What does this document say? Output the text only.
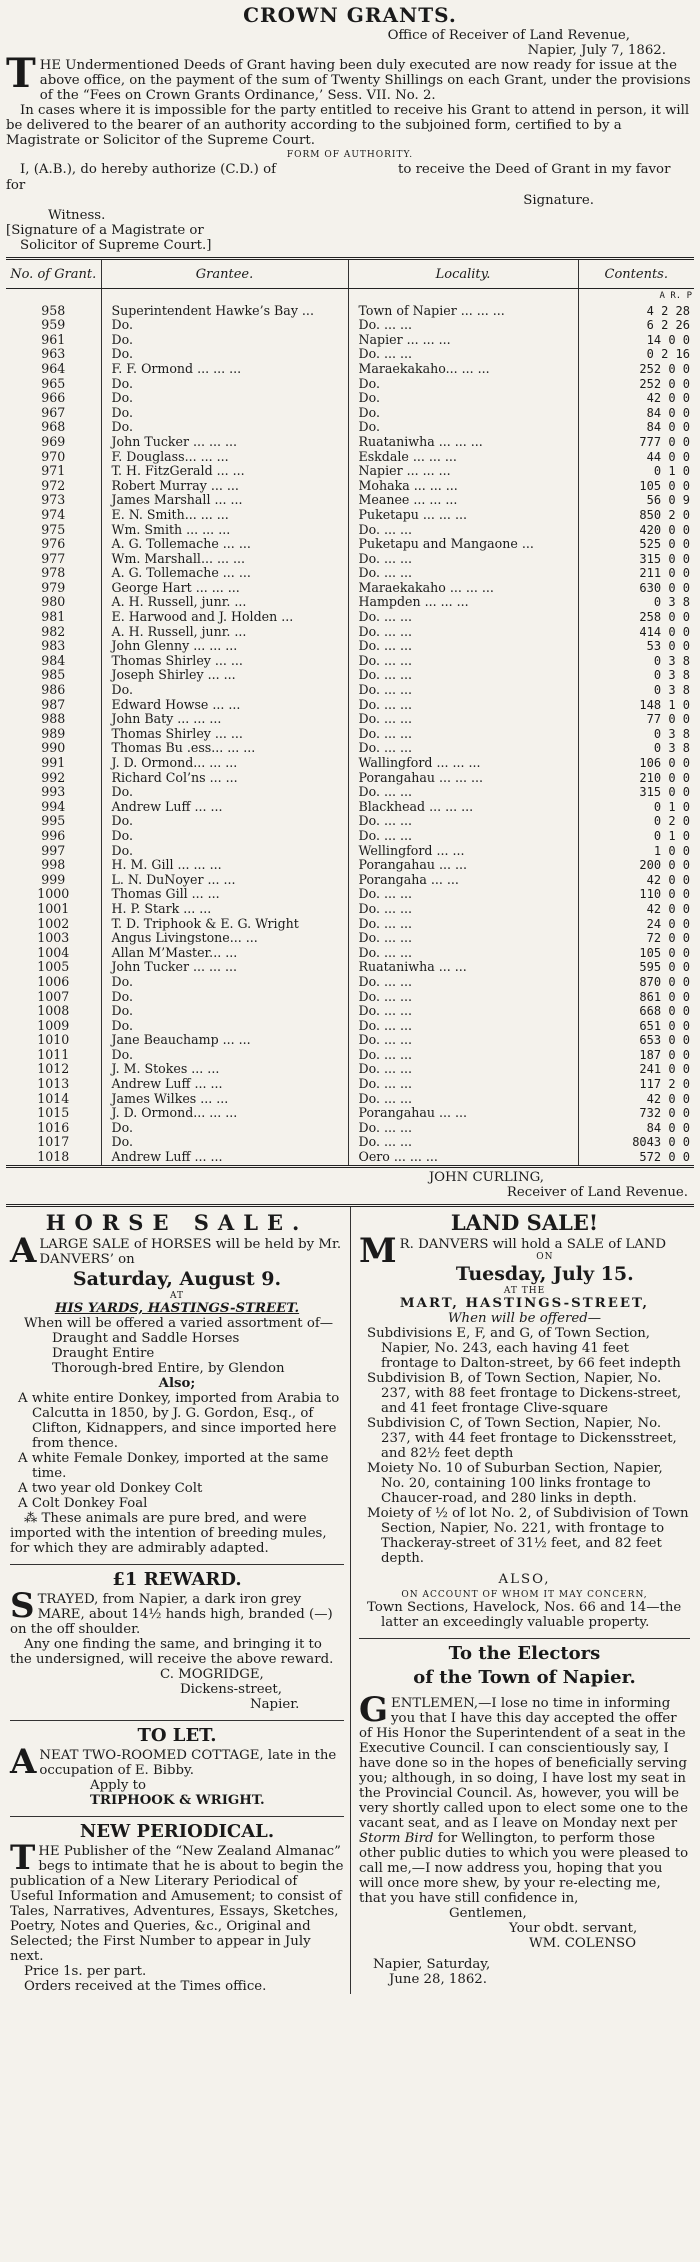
CROWN GRANTS.
Office of Receiver of Land Revenue,
Napier, July 7, 1862.
THE Undermentioned Deeds of Grant having been duly executed are now ready for issue at the above office, on the payment of the sum of Twenty Shillings on each Grant, under the provisions of the “Fees on Crown Grants Ordinance,’ Sess. VII. No. 2.
In cases where it is impossible for the party entitled to receive his Grant to attend in person, it will be delivered to the bearer of an authority according to the subjoined form, certified to by a Magistrate or Solicitor of the Supreme Court.
FORM OF AUTHORITY.
I, (A.B.), do hereby authorize (C.D.) of	to receive the Deed of Grant in my favor
for
Signature.
Witness.
[Signature of a Magistrate or
Solicitor of Supreme Court.]
No. of Grant.	Grantee.	Locality.	Contents.
			A R. P
958	Superintendent Hawke’s Bay ...	Town of Napier ... ... ...	4 2 28
959	Do.	Do. ... ...	6 2 26
961	Do.	Napier ... ... ...	14 0 0
963	Do.	Do. ... ...	0 2 16
964	F. F. Ormond ... ... ...	Maraekakaho... ... ...	252 0 0
965	Do.	Do.	252 0 0
966	Do.	Do.	42 0 0
967	Do.	Do.	84 0 0
968	Do.	Do.	84 0 0
969	John Tucker ... ... ...	Ruataniwha ... ... ...	777 0 0
970	F. Douglass... ... ...	Eskdale ... ... ...	44 0 0
971	T. H. FitzGerald ... ...	Napier ... ... ...	0 1 0
972	Robert Murray ... ...	Mohaka ... ... ...	105 0 0
973	James Marshall ... ...	Meanee ... ... ...	56 0 9
974	E. N. Smith... ... ...	Puketapu ... ... ...	850 2 0
975	Wm. Smith ... ... ...	Do. ... ...	420 0 0
976	A. G. Tollemache ... ...	Puketapu and Mangaone ...	525 0 0
977	Wm. Marshall... ... ...	Do. ... ...	315 0 0
978	A. G. Tollemache ... ...	Do. ... ...	211 0 0
979	George Hart ... ... ...	Maraekakaho ... ... ...	630 0 0
980	A. H. Russell, junr. ...	Hampden ... ... ...	0 3 8
981	E. Harwood and J. Holden ...	Do. ... ...	258 0 0
982	A. H. Russell, junr. ...	Do. ... ...	414 0 0
983	John Glenny ... ... ...	Do. ... ...	53 0 0
984	Thomas Shirley ... ...	Do. ... ...	0 3 8
985	Joseph Shirley ... ...	Do. ... ...	0 3 8
986	Do.	Do. ... ...	0 3 8
987	Edward Howse ... ...	Do. ... ...	148 1 0
988	John Baty ... ... ...	Do. ... ...	77 0 0
989	Thomas Shirley ... ...	Do. ... ...	0 3 8
990	Thomas Bu .ess... ... ...	Do. ... ...	0 3 8
991	J. D. Ormond... ... ...	Wallingford ... ... ...	106 0 0
992	Richard Col’ns ... ...	Porangahau ... ... ...	210 0 0
993	Do.	Do. ... ...	315 0 0
994	Andrew Luff ... ...	Blackhead ... ... ...	0 1 0
995	Do.	Do. ... ...	0 2 0
996	Do.	Do. ... ...	0 1 0
997	Do.	Wellingford ... ...	1 0 0
998	H. M. Gill ... ... ...	Porangahau ... ...	200 0 0
999	L. N. DuNoyer ... ...	Porangaha ... ...	42 0 0
1000	Thomas Gill ... ...	Do. ... ...	110 0 0
1001	H. P. Stark ... ...	Do. ... ...	42 0 0
1002	T. D. Triphook & E. G. Wright	Do. ... ...	24 0 0
1003	Angus Livingstone... ...	Do. ... ...	72 0 0
1004	Allan M’Master... ...	Do. ... ...	105 0 0
1005	John Tucker ... ... ...	Ruataniwha ... ...	595 0 0
1006	Do.	Do. ... ...	870 0 0
1007	Do.	Do. ... ...	861 0 0
1008	Do.	Do. ... ...	668 0 0
1009	Do.	Do. ... ...	651 0 0
1010	Jane Beauchamp ... ...	Do. ... ...	653 0 0
1011	Do.	Do. ... ...	187 0 0
1012	J. M. Stokes ... ...	Do. ... ...	241 0 0
1013	Andrew Luff ... ...	Do. ... ...	117 2 0
1014	James Wilkes ... ...	Do. ... ...	42 0 0
1015	J. D. Ormond... ... ...	Porangahau ... ...	732 0 0
1016	Do.	Do. ... ...	84 0 0
1017	Do.	Do. ... ...	8043 0 0
1018	Andrew Luff ... ...	Oero ... ... ...	572 0 0
JOHN CURLING,
Receiver of Land Revenue.
HORSE SALE.
ALARGE SALE of HORSES will be held by Mr. DANVERS’ on
Saturday, August 9.
AT
HIS YARDS, HASTINGS-STREET.
When will be offered a varied assortment of—
Draught and Saddle Horses
Draught Entire
Thorough-bred Entire, by Glendon
Also;
A white entire Donkey, imported from Arabia to Calcutta in 1850, by J. G. Gordon, Esq., of Clifton, Kidnappers, and since imported here from thence.
A white Female Donkey, imported at the same time.
A two year old Donkey Colt
A Colt Donkey Foal
⁂ These animals are pure bred, and were imported with the intention of breeding mules, for which they are admirably adapted.
£1 REWARD.
STRAYED, from Napier, a dark iron grey MARE, about 14½ hands high, branded (—) on the off shoulder.
Any one finding the same, and bringing it to the undersigned, will receive the above reward.
C. MOGRIDGE,
Dickens-street,
Napier.
TO LET.
ANEAT TWO-ROOMED COTTAGE, late in the occupation of E. Bibby.
Apply to
TRIPHOOK & WRIGHT.
NEW PERIODICAL.
THE Publisher of the “New Zealand Almanac” begs to intimate that he is about to begin the publication of a New Literary Periodical of Useful Information and Amusement; to consist of Tales, Narratives, Adventures, Essays, Sketches, Poetry, Notes and Queries, &c., Original and Selected; the First Number to appear in July next.
Price 1s. per part.
Orders received at the Times office.
LAND SALE!
M R. DANVERS will hold a SALE of LAND
ON
Tuesday, July 15.
AT THE
MART, HASTINGS-STREET,
When will be offered—
Subdivisions E, F, and G, of Town Section, Napier, No. 243, each having 41 feet frontage to Dalton-street, by 66 feet indepth
Subdivision B, of Town Section, Napier, No. 237, with 88 feet frontage to Dickens-street, and 41 feet frontage Clive-square
Subdivision C, of Town Section, Napier, No. 237, with 44 feet frontage to Dickensstreet, and 82½ feet depth
Moiety No. 10 of Suburban Section, Napier, No. 20, containing 100 links frontage to Chaucer-road, and 280 links in depth.
Moiety of ½ of lot No. 2, of Subdivision of Town Section, Napier, No. 221, with frontage to Thackeray-street of 31½ feet, and 82 feet depth.
ALSO,
ON ACCOUNT OF WHOM IT MAY CONCERN,
Town Sections, Havelock, Nos. 66 and 14—the latter an exceedingly valuable property.
To the Electors
of the Town of Napier.
GENTLEMEN,—I lose no time in informing you that I have this day accepted the offer of His Honor the Superintendent of a seat in the Executive Council. I can conscientiously say, I have done so in the hopes of beneficially serving you; although, in so doing, I have lost my seat in the Provincial Council. As, however, you will be very shortly called upon to elect some one to the vacant seat, and as I leave on Monday next per Storm Bird for Wellington, to perform those other public duties to which you were pleased to call me,—I now address you, hoping that you will once more shew, by your re-electing me, that you have still confidence in,
Gentlemen,
Your obdt. servant,
WM. COLENSO
Napier, Saturday,
June 28, 1862.
